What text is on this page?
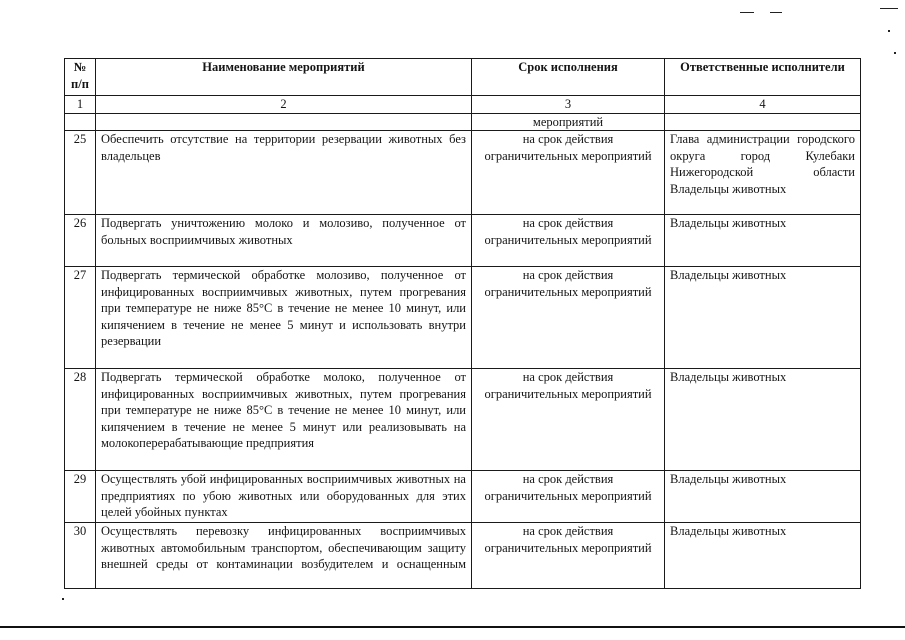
№ п/п	Наименование мероприятий	Срок исполнения	Ответственные исполнители
1	2	3	4
		мероприятий	
25	Обеспечить отсутствие на территории резервации животных без владельцев	на срок действия ограничительных мероприятий	Глава администрации городского округа город Кулебаки Нижегородской области Владельцы животных
26	Подвергать уничтожению молоко и молозиво, полученное от больных восприимчивых животных	на срок действия ограничительных мероприятий	Владельцы животных
27	Подвергать термической обработке молозиво, полученное от инфицированных восприимчивых животных, путем прогревания при температуре не ниже 85°С в течение не менее 10 минут, или кипячением в течение не менее 5 минут и использовать внутри резервации	на срок действия ограничительных мероприятий	Владельцы животных
28	Подвергать термической обработке молоко, полученное от инфицированных восприимчивых животных, путем прогревания при температуре не ниже 85°С в течение не менее 10 минут, или кипячением в течение не менее 5 минут или реализовывать на молокоперерабатывающие предприятия	на срок действия ограничительных мероприятий	Владельцы животных
29	Осуществлять убой инфицированных восприимчивых животных на предприятиях по убою животных или оборудованных для этих целей убойных пунктах	на срок действия ограничительных мероприятий	Владельцы животных
30	Осуществлять перевозку инфицированных восприимчивых животных автомобильным транспортом, обеспечивающим защиту внешней среды от контаминации возбудителем и оснащенным	на срок действия ограничительных мероприятий	Владельцы животных
